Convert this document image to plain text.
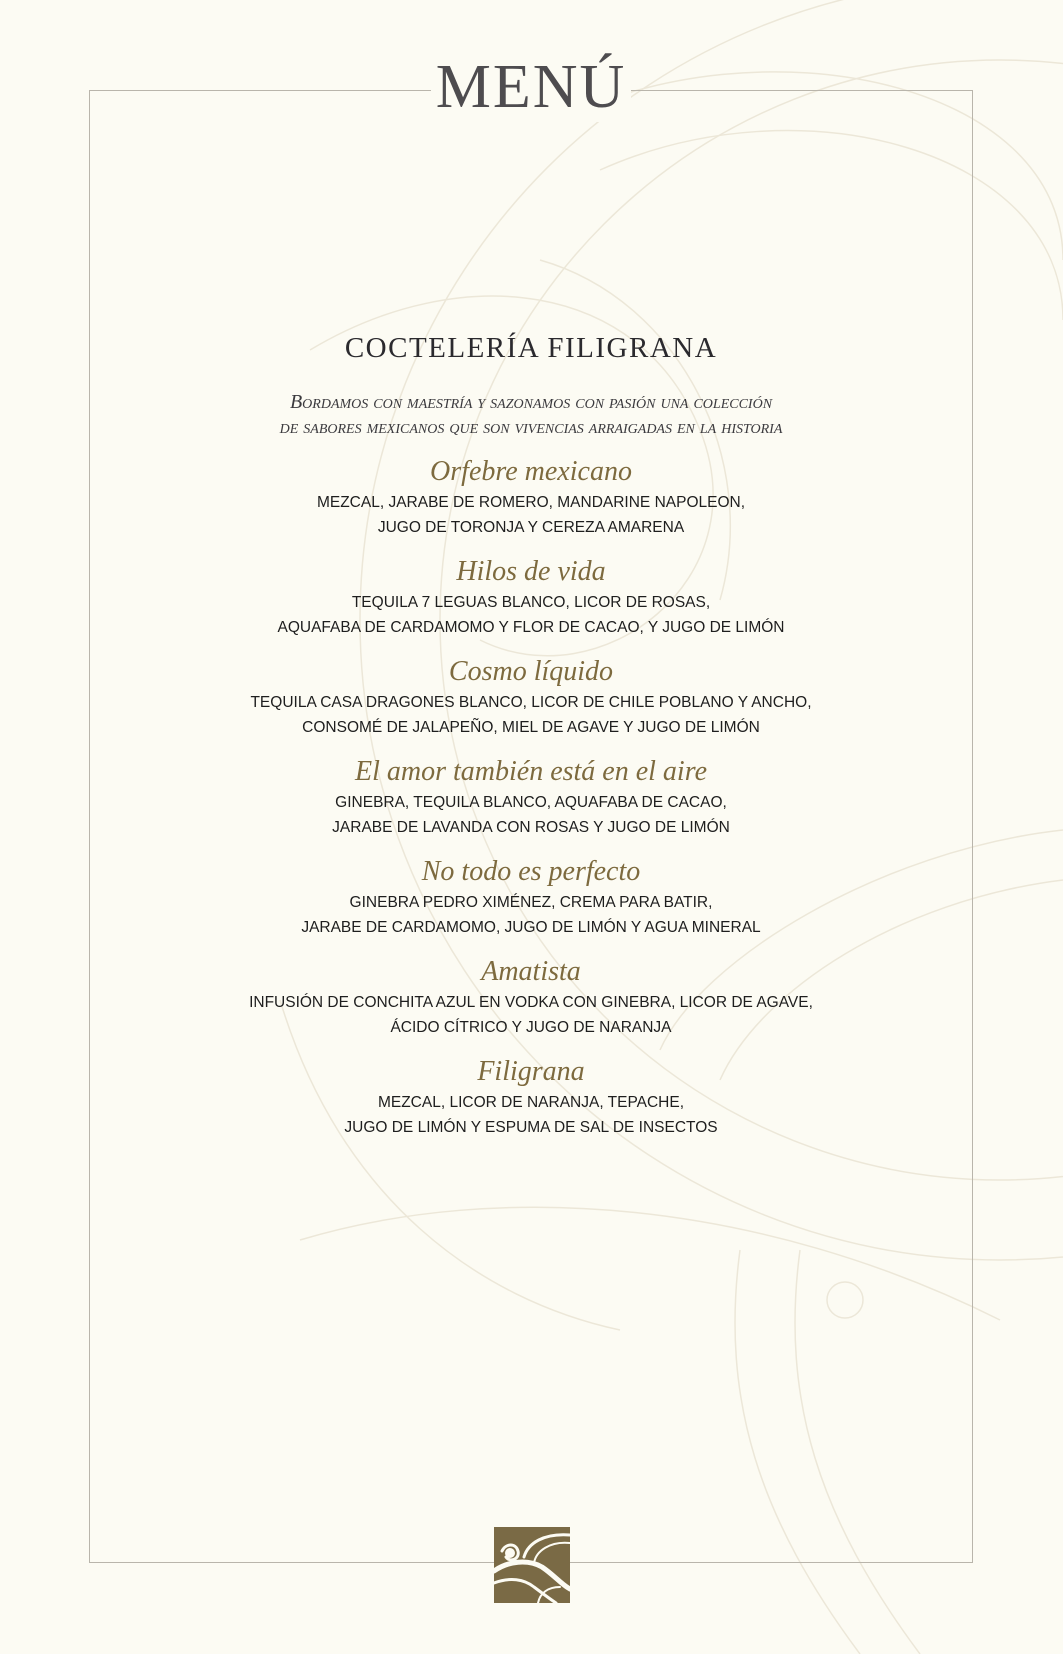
MENÚ
COCTELERÍA FILIGRANA

Bordamos con maestría y sazonamos con pasión una colección
de sabores mexicanos que son vivencias arraigadas en la historia

Orfebre mexicano

MEZCAL, JARABE DE ROMERO, MANDARINE NAPOLEON,
JUGO DE TORONJA Y CEREZA AMARENA

Hilos de vida

TEQUILA 7 LEGUAS BLANCO, LICOR DE ROSAS,
AQUAFABA DE CARDAMOMO Y FLOR DE CACAO, Y JUGO DE LIMÓN

Cosmo líquido

TEQUILA CASA DRAGONES BLANCO, LICOR DE CHILE POBLANO Y ANCHO,
CONSOMÉ DE JALAPEÑO, MIEL DE AGAVE Y JUGO DE LIMÓN

El amor también está en el aire

GINEBRA, TEQUILA BLANCO, AQUAFABA DE CACAO,
JARABE DE LAVANDA CON ROSAS Y JUGO DE LIMÓN

No todo es perfecto

GINEBRA PEDRO XIMÉNEZ, CREMA PARA BATIR,
JARABE DE CARDAMOMO, JUGO DE LIMÓN Y AGUA MINERAL

Amatista

INFUSIÓN DE CONCHITA AZUL EN VODKA CON GINEBRA, LICOR DE AGAVE,
ÁCIDO CÍTRICO Y JUGO DE NARANJA

Filigrana

MEZCAL, LICOR DE NARANJA, TEPACHE,
JUGO DE LIMÓN Y ESPUMA DE SAL DE INSECTOS
